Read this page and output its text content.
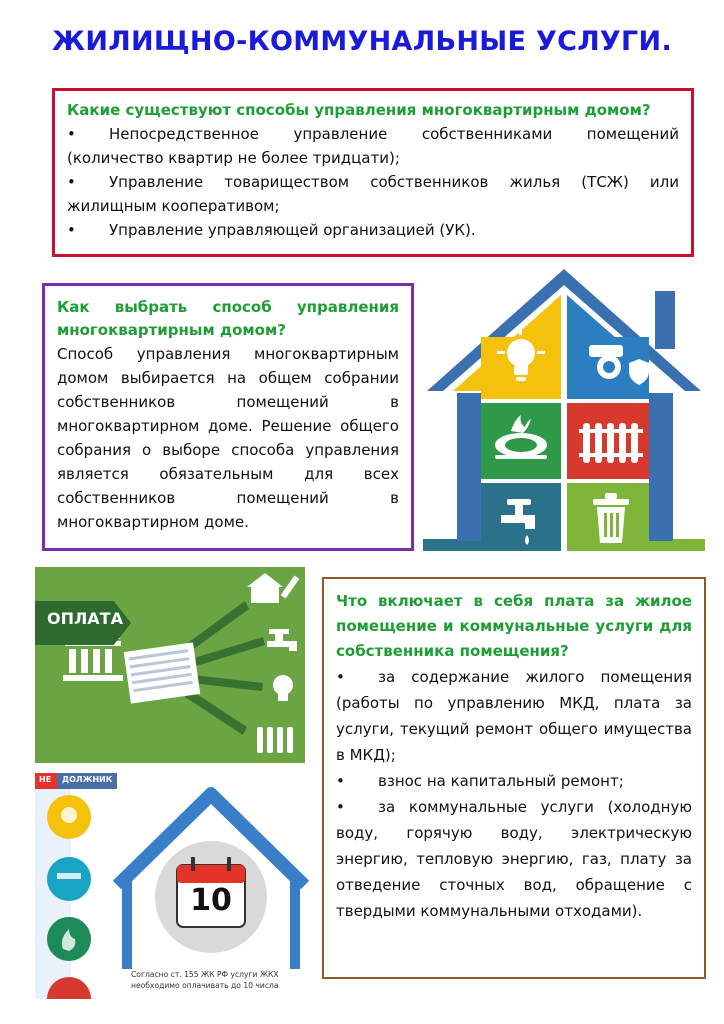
ЖИЛИЩНО-КОММУНАЛЬНЫЕ УСЛУГИ.
Какие существуют способы управления многоквартирным домом?
• Непосредственное управление собственниками помещений (количество квартир не более тридцати);
• Управление товариществом собственников жилья (ТСЖ) или жилищным кооперативом;
• Управление управляющей организацией (УК).
Как выбрать способ управления многоквартирным домом?
Способ управления многоквартирным домом выбирается на общем собрании собственников помещений в многоквартирном доме. Решение общего собрания о выборе способа управления является обязательным для всех собственников помещений в многоквартирном доме.
ОПЛАТА
БАНК
НЕ ДОЛЖНИК
10
Согласно ст. 155 ЖК РФ услуги ЖКХ
необходимо оплачивать до 10 числа
Что включает в себя плата за жилое помещение и коммунальные услуги для собственника помещения?
• за содержание жилого помещения (работы по управлению МКД, плата за услуги, текущий ремонт общего имущества в МКД);
• взнос на капитальный ремонт;
• за коммунальные услуги (холодную воду, горячую воду, электрическую энергию, тепловую энергию, газ, плату за отведение сточных вод, обращение с твердыми коммунальными отходами).
